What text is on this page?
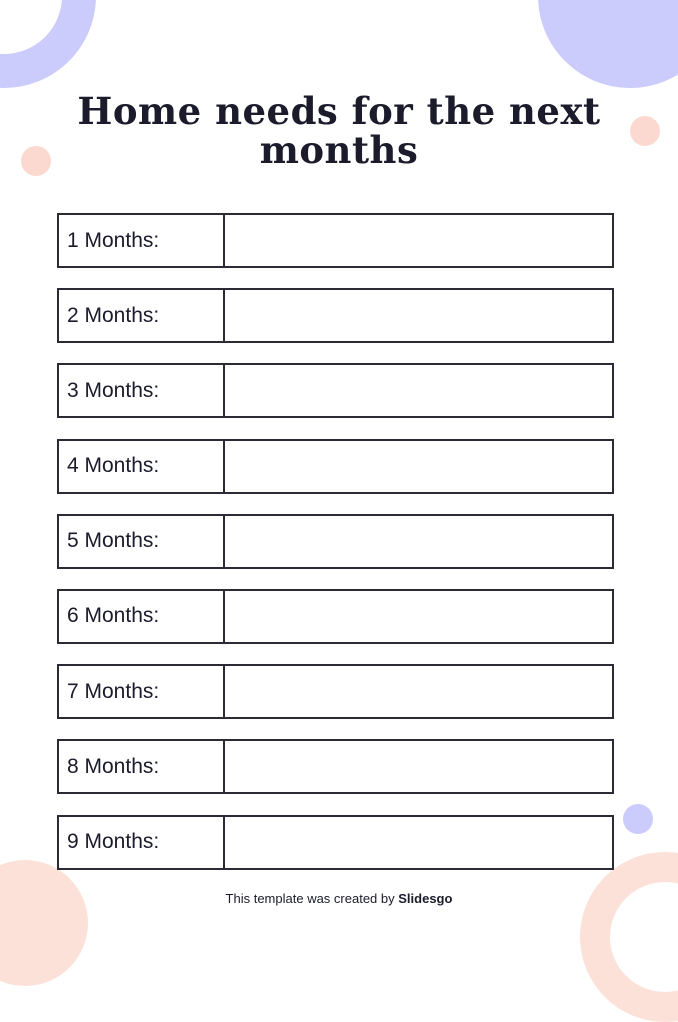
Home needs for the next months
1 Months:
2 Months:
3 Months:
4 Months:
5 Months:
6 Months:
7 Months:
8 Months:
9 Months:
This template was created by Slidesgo
